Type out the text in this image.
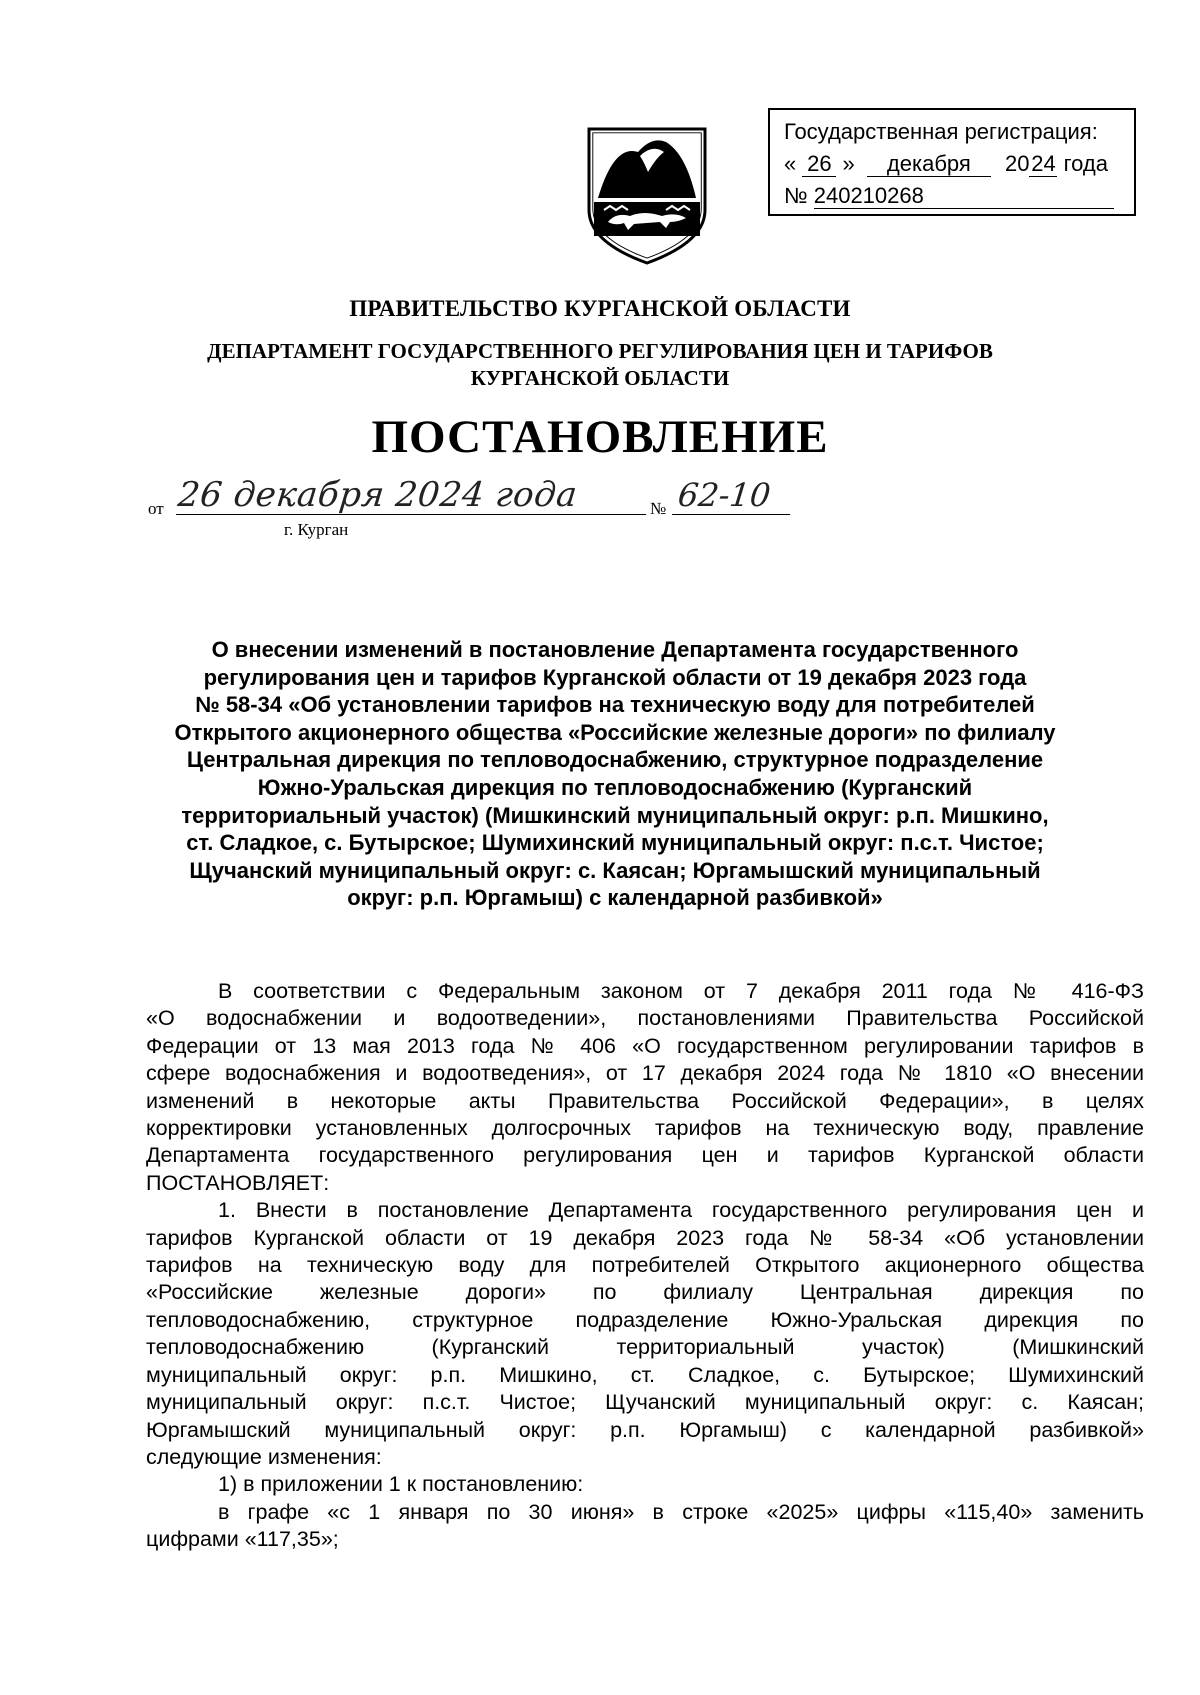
Государственная регистрация:
« 26 » декабря 2024 года
№ 240210268
ПРАВИТЕЛЬСТВО КУРГАНСКОЙ ОБЛАСТИ
ДЕПАРТАМЕНТ ГОСУДАРСТВЕННОГО РЕГУЛИРОВАНИЯ ЦЕН И ТАРИФОВ
КУРГАНСКОЙ ОБЛАСТИ
ПОСТАНОВЛЕНИЕ
от 26 декабря 2024 года	№ 62-10
г. Курган
О внесении изменений в постановление Департамента государственного
регулирования цен и тарифов Курганской области от 19 декабря 2023 года
№ 58-34 «Об установлении тарифов на техническую воду для потребителей
Открытого акционерного общества «Российские железные дороги» по филиалу
Центральная дирекция по тепловодоснабжению, структурное подразделение
Южно-Уральская дирекция по тепловодоснабжению (Курганский
территориальный участок) (Мишкинский муниципальный округ: р.п. Мишкино,
ст. Сладкое, с. Бутырское; Шумихинский муниципальный округ: п.с.т. Чистое;
Щучанский муниципальный округ: с. Каясан; Юргамышский муниципальный
округ: р.п. Юргамыш) с календарной разбивкой»
В соответствии с Федеральным законом от 7 декабря 2011 года № 416-ФЗ
«О водоснабжении и водоотведении», постановлениями Правительства Российской
Федерации от 13 мая 2013 года № 406 «О государственном регулировании тарифов в
сфере водоснабжения и водоотведения», от 17 декабря 2024 года № 1810 «О внесении
изменений в некоторые акты Правительства Российской Федерации», в целях
корректировки установленных долгосрочных тарифов на техническую воду, правление
Департамента государственного регулирования цен и тарифов Курганской области
ПОСТАНОВЛЯЕТ:
1. Внести в постановление Департамента государственного регулирования цен и
тарифов Курганской области от 19 декабря 2023 года № 58-34 «Об установлении
тарифов на техническую воду для потребителей Открытого акционерного общества
«Российские железные дороги» по филиалу Центральная дирекция по
тепловодоснабжению, структурное подразделение Южно-Уральская дирекция по
тепловодоснабжению (Курганский территориальный участок) (Мишкинский
муниципальный округ: р.п. Мишкино, ст. Сладкое, с. Бутырское; Шумихинский
муниципальный округ: п.с.т. Чистое; Щучанский муниципальный округ: с. Каясан;
Юргамышский муниципальный округ: р.п. Юргамыш) с календарной разбивкой»
следующие изменения:
1) в приложении 1 к постановлению:
в графе «с 1 января по 30 июня» в строке «2025» цифры «115,40» заменить
цифрами «117,35»;
